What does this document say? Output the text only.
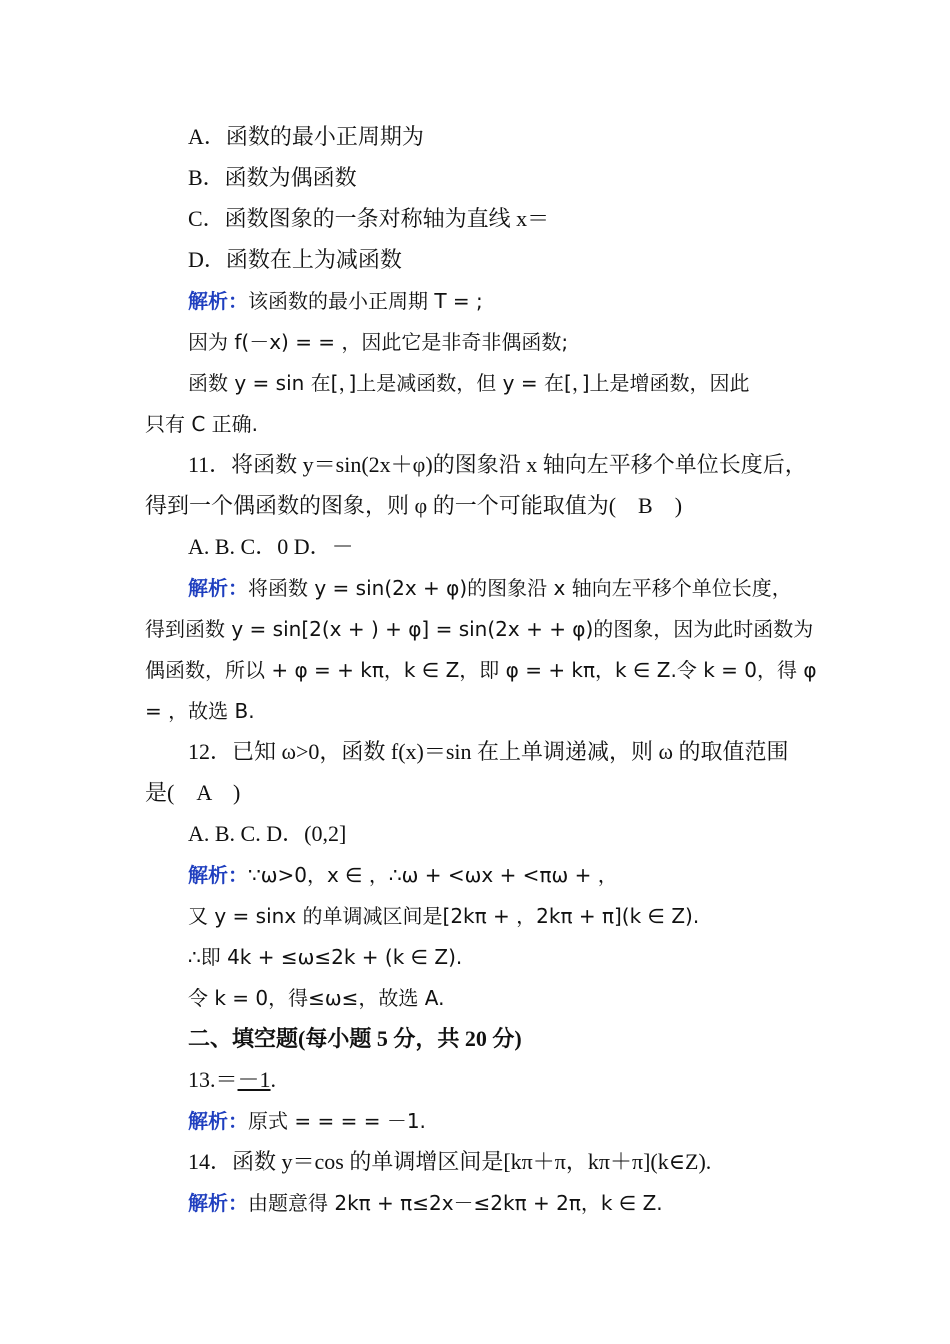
A．函数的最小正周期为
B．函数为偶函数
C．函数图象的一条对称轴为直线 x＝
D．函数在上为减函数
解析：该函数的最小正周期 T = ;
因为 f(－x) = = ，因此它是非奇非偶函数;
函数 y = sin 在[，]上是减函数，但 y = 在[，]上是增函数，因此
只有 C 正确.
11．将函数 y＝sin(2x＋φ)的图象沿 x 轴向左平移个单位长度后，
得到一个偶函数的图象，则 φ 的一个可能取值为(　B　)
A. B. C．0 D．－
解析：将函数 y = sin(2x + φ)的图象沿 x 轴向左平移个单位长度，
得到函数 y = sin[2(x + ) + φ] = sin(2x + + φ)的图象，因为此时函数为
偶函数，所以 + φ = + kπ，k ∈ Z，即 φ = + kπ，k ∈ Z.令 k = 0，得 φ
= ，故选 B.
12．已知 ω>0，函数 f(x)＝sin 在上单调递减，则 ω 的取值范围
是(　A　)
A. B. C. D．(0,2]
解析：∵ω>0，x ∈ ，∴ω + <ωx + <πω + ，
又 y = sinx 的单调减区间是[2kπ + ，2kπ + π](k ∈ Z).
∴即 4k + ≤ω≤2k + (k ∈ Z).
令 k = 0，得≤ω≤，故选 A.
二、填空题(每小题 5 分，共 20 分)
13.＝－1.
解析：原式 = = = = －1.
14．函数 y＝cos 的单调增区间是[kπ＋π，kπ＋π](k∈Z).
解析：由题意得 2kπ + π≤2x－≤2kπ + 2π，k ∈ Z.
